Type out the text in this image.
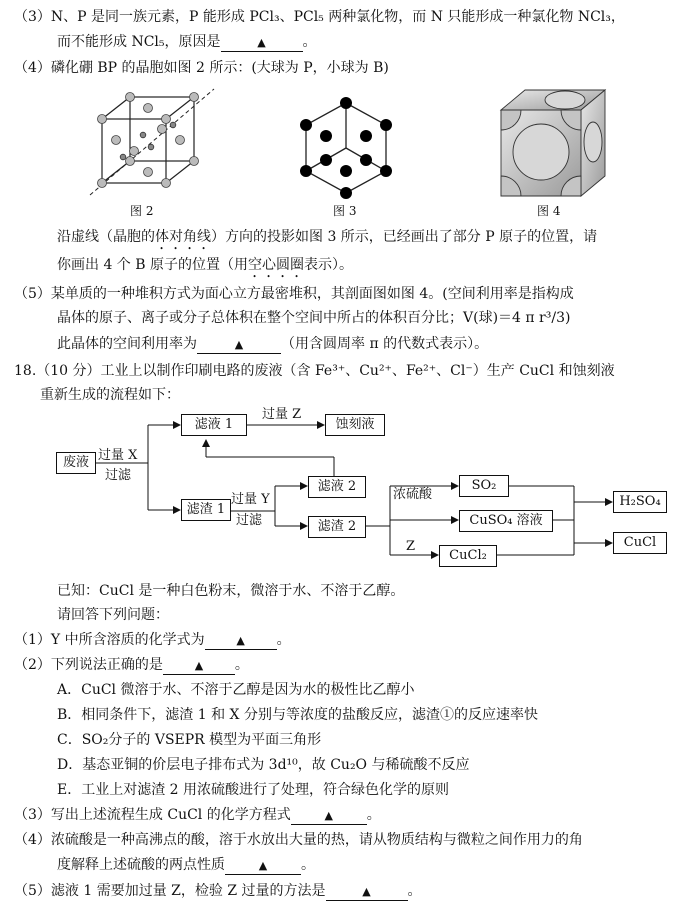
（3）N、P 是同一族元素，P 能形成 PCl₃、PCl₅ 两种氯化物，而 N 只能形成一种氯化物 NCl₃，
而不能形成 NCl₅，原因是	▲	。
（4）磷化硼 BP 的晶胞如图 2 所示：(大球为 P，小球为 B)
图 2	图 3	图 4
沿虚线（晶胞的体对角线）方向的投影如图 3 所示，已经画出了部分 P 原子的位置，请
你画出 4 个 B 原子的位置（用空心圆圈表示）。
（5）某单质的一种堆积方式为面心立方最密堆积，其剖面图如图 4。(空间利用率是指构成
晶体的原子、离子或分子总体积在整个空间中所占的体积百分比；V(球)＝4 π r³/3)
此晶体的空间利用率为	▲	（用含圆周率 π 的代数式表示）。
18.（10 分）工业上以制作印刷电路的废液（含 Fe³⁺、Cu²⁺、Fe²⁺、Cl⁻）生产 CuCl 和蚀刻液
重新生成的流程如下：
废液 过量 X
过滤
滤液 1
过量 Z
蚀刻液
滤渣 1
过量 Y
过滤
滤液 2
滤渣 2
浓硫酸
Z
SO₂
CuSO₄ 溶液
CuCl₂
H₂SO₄
CuCl
已知：CuCl 是一种白色粉末，微溶于水、不溶于乙醇。
请回答下列问题：
（1）Y 中所含溶质的化学式为	▲ 。
（2）下列说法正确的是	▲ 。
A．CuCl 微溶于水、不溶于乙醇是因为水的极性比乙醇小
B．相同条件下，滤渣 1 和 X 分别与等浓度的盐酸反应，滤渣①的反应速率快
C．SO₂分子的 VSEPR 模型为平面三角形
D．基态亚铜的价层电子排布式为 3d¹⁰，故 Cu₂O 与稀硫酸不反应
E．工业上对滤渣 2 用浓硫酸进行了处理，符合绿色化学的原则
（3）写出上述流程生成 CuCl 的化学方程式	▲ 。
（4）浓硫酸是一种高沸点的酸，溶于水放出大量的热，请从物质结构与微粒之间作用力的角
度解释上述硫酸的两点性质	▲ 。
（5）滤液 1 需要加过量 Z，检验 Z 过量的方法是	▲	。
